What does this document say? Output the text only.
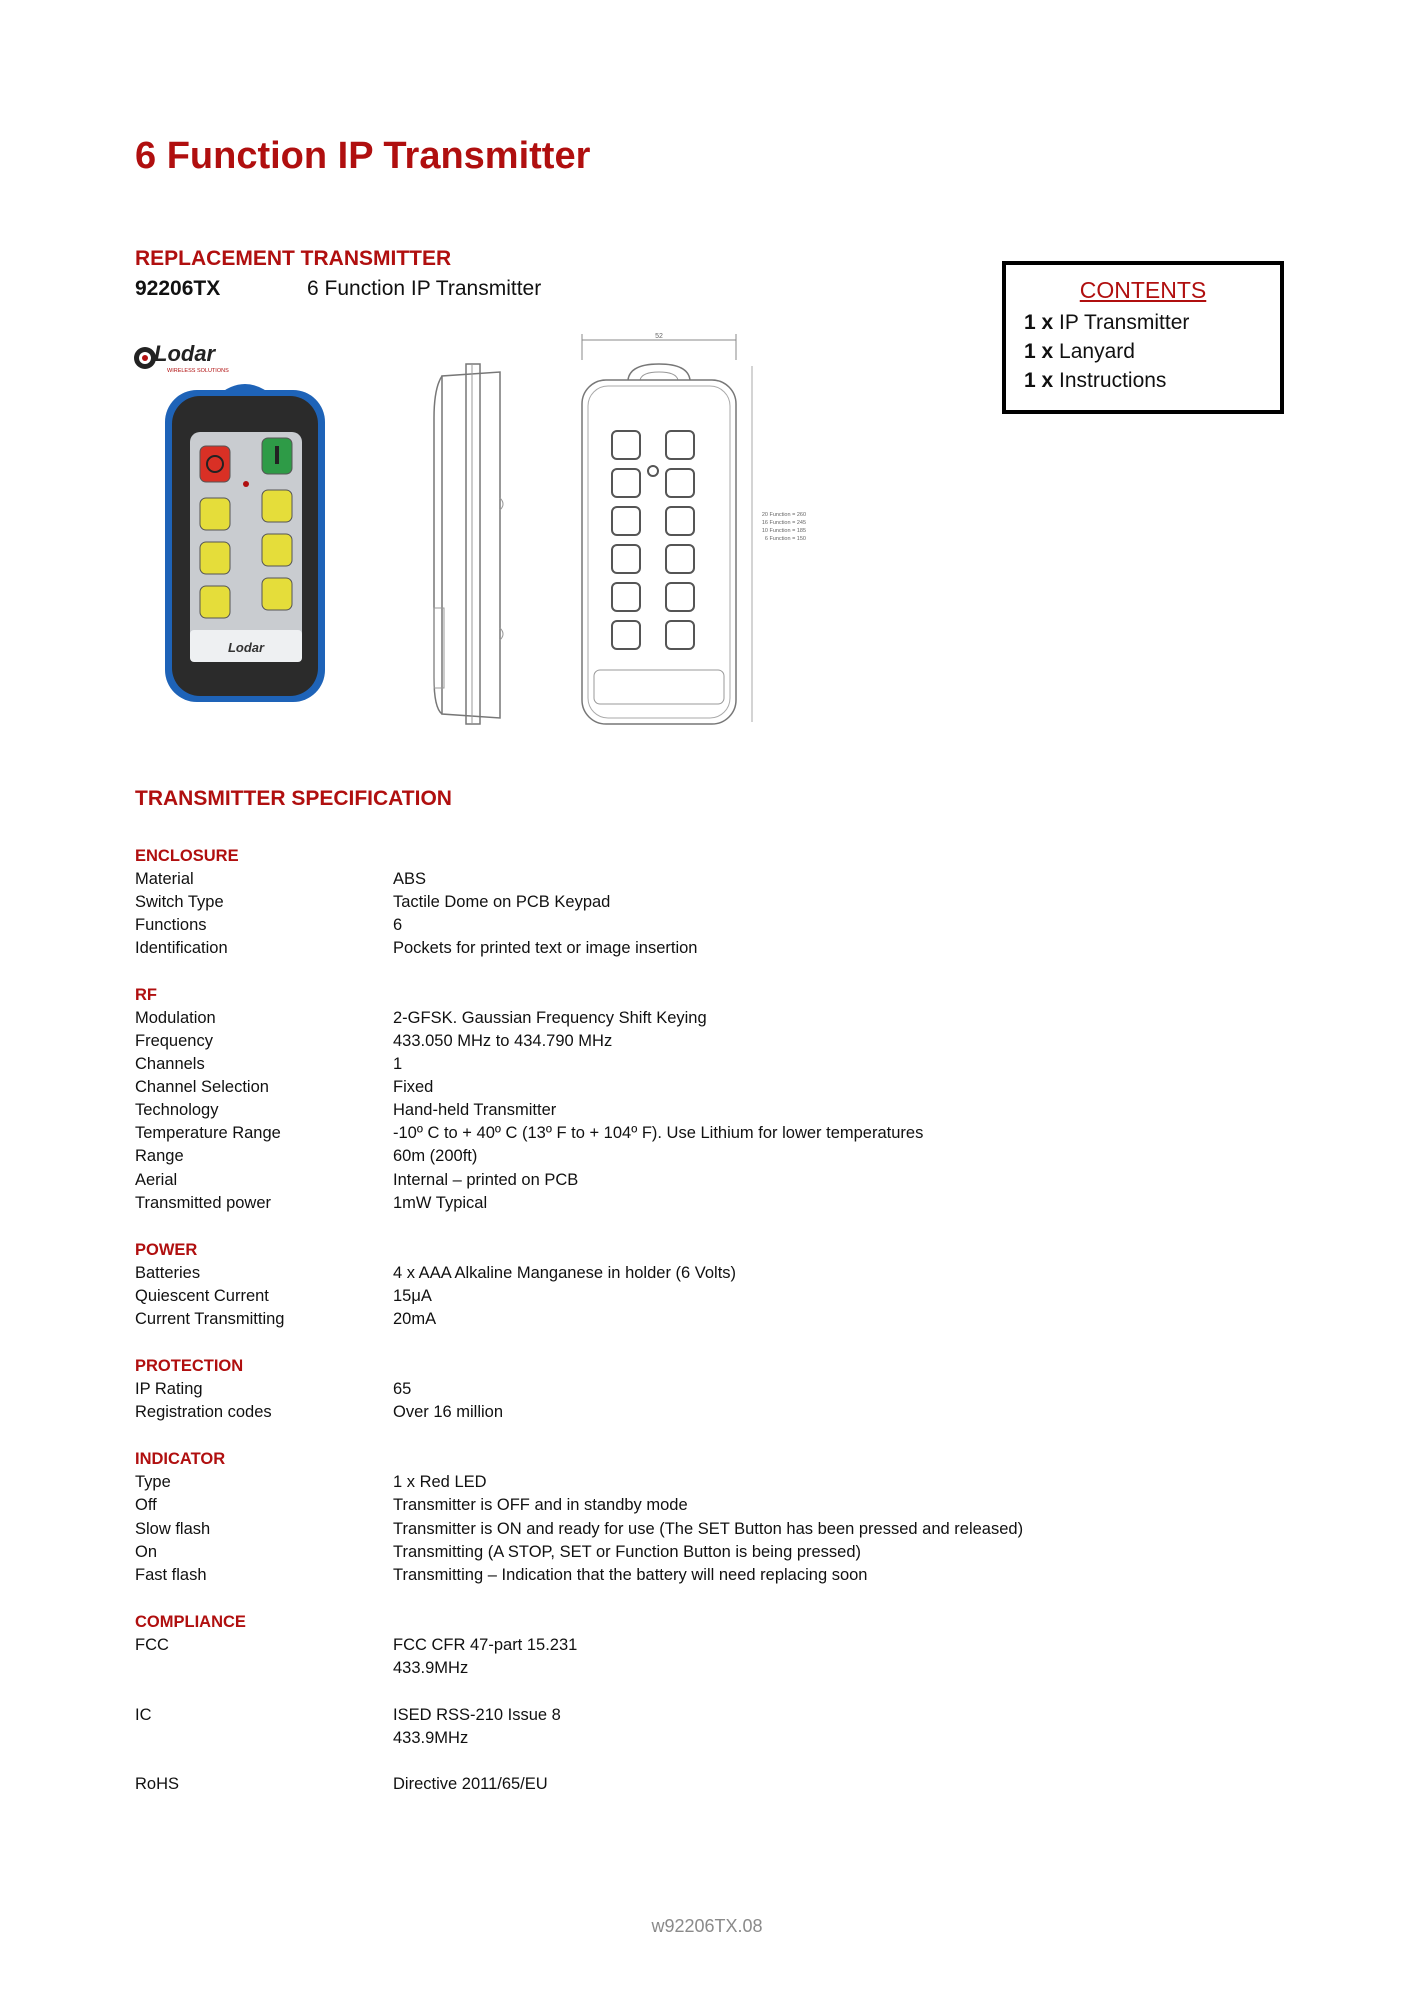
6 Function IP Transmitter
REPLACEMENT TRANSMITTER
92206TX	6 Function IP Transmitter	CONTENTS
1 x IP Transmitter
1 x Lanyard
1 x Instructions
Lodar
WIRELESS SOLUTIONS
Lodar
52
20 Function = 260
16 Function = 245
10 Function = 185
6 Function = 150
TRANSMITTER SPECIFICATION
ENCLOSURE
Material	ABS
Switch Type	Tactile Dome on PCB Keypad
Functions	6
Identification	Pockets for printed text or image insertion
RF
Modulation	2-GFSK. Gaussian Frequency Shift Keying
Frequency	433.050 MHz to 434.790 MHz
Channels	1
Channel Selection	Fixed
Technology	Hand-held Transmitter
Temperature Range	-10º C to + 40º C (13º F to + 104º F). Use Lithium for lower temperatures
Range	60m (200ft)
Aerial	Internal – printed on PCB
Transmitted power	1mW Typical
POWER
Batteries	4 x AAA Alkaline Manganese in holder (6 Volts)
Quiescent Current	15μA
Current Transmitting	20mA
PROTECTION
IP Rating	65
Registration codes	Over 16 million
INDICATOR
Type	1 x Red LED
Off	Transmitter is OFF and in standby mode
Slow flash	Transmitter is ON and ready for use (The SET Button has been pressed and released)
On	Transmitting (A STOP, SET or Function Button is being pressed)
Fast flash	Transmitting – Indication that the battery will need replacing soon
COMPLIANCE
FCC	FCC CFR 47-part 15.231
433.9MHz
IC	ISED RSS-210 Issue 8
433.9MHz
RoHS	Directive 2011/65/EU
w92206TX.08
